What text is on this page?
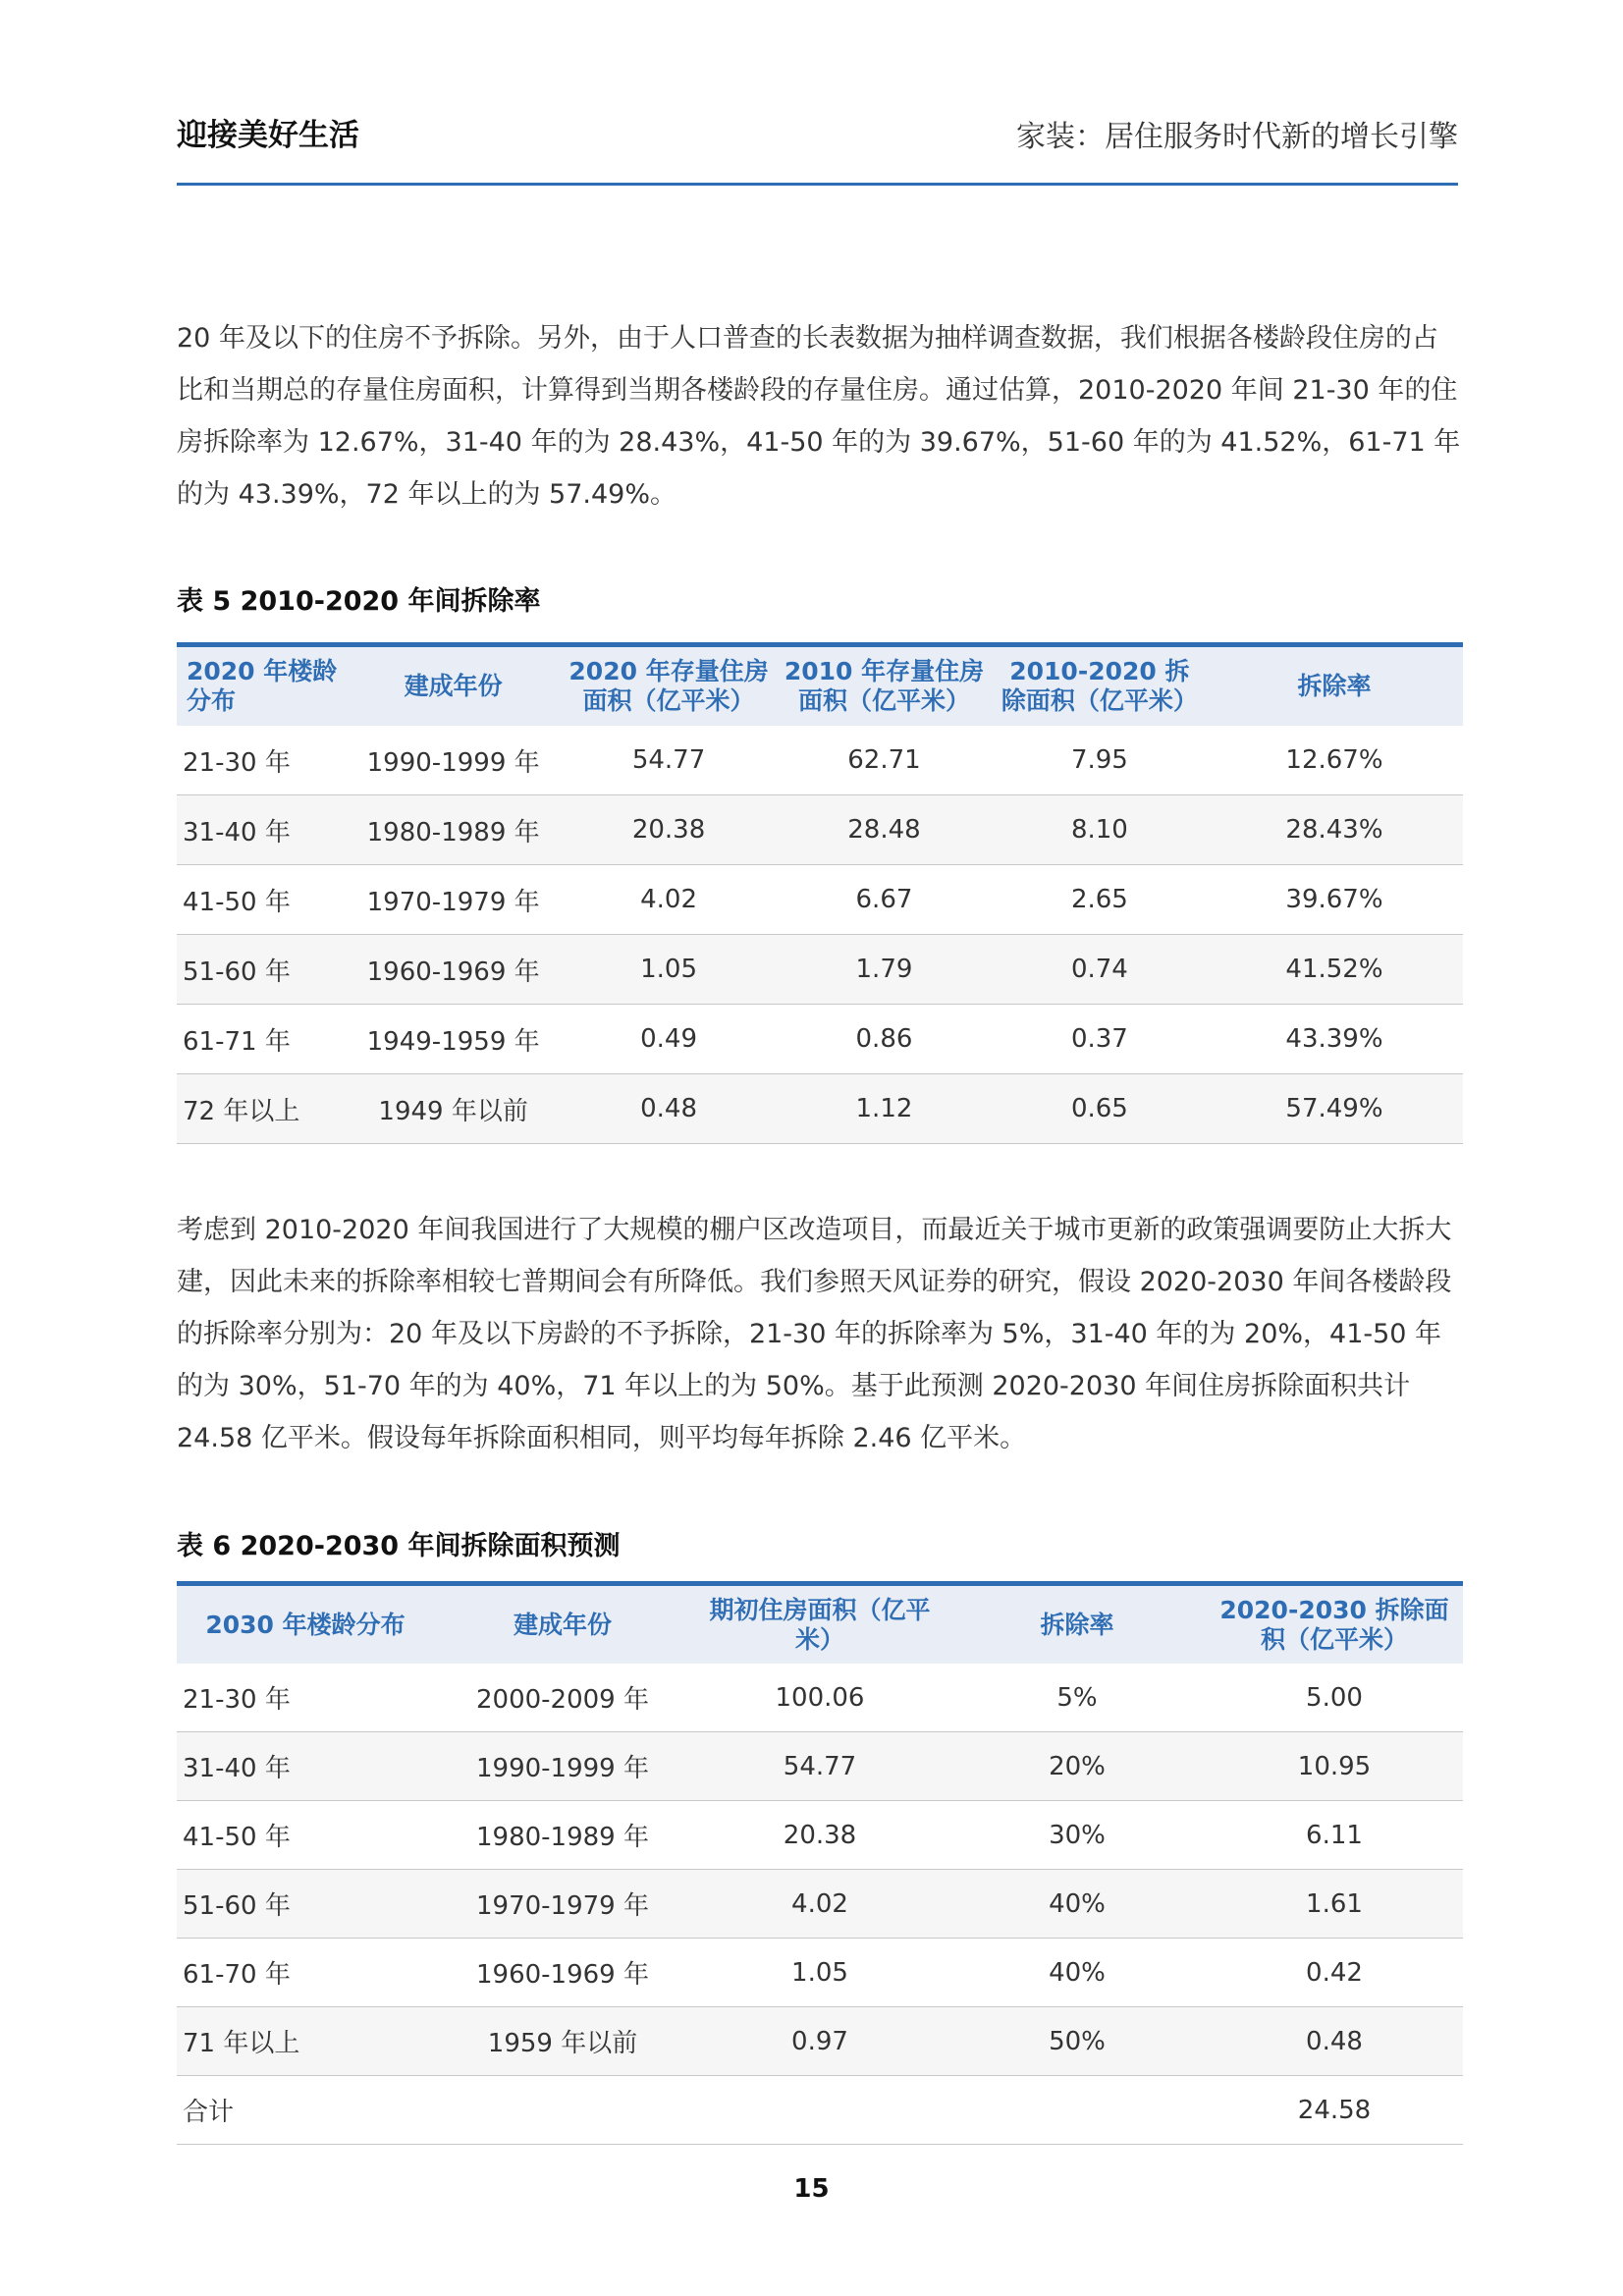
迎接美好生活	家装：居住服务时代新的增长引擎

20 年及以下的住房不予拆除。另外，由于人口普查的长表数据为抽样调查数据，我们根据各楼龄段住房的占比和当期总的存量住房面积，计算得到当期各楼龄段的存量住房。通过估算，2010-2020 年间 21-30 年的住房拆除率为 12.67%，31-40 年的为 28.43%，41-50 年的为 39.67%，51-60 年的为 41.52%，61-71 年的为 43.39%，72 年以上的为 57.49%。

表 5 2010-2020 年间拆除率
2020 年楼龄分布	建成年份	2020 年存量住房面积（亿平米）	2010 年存量住房面积（亿平米）	2010-2020 拆除面积（亿平米）	拆除率
21-30 年	1990-1999 年	54.77	62.71	7.95	12.67%
31-40 年	1980-1989 年	20.38	28.48	8.10	28.43%
41-50 年	1970-1979 年	4.02	6.67	2.65	39.67%
51-60 年	1960-1969 年	1.05	1.79	0.74	41.52%
61-71 年	1949-1959 年	0.49	0.86	0.37	43.39%
72 年以上	1949 年以前	0.48	1.12	0.65	57.49%

考虑到 2010-2020 年间我国进行了大规模的棚户区改造项目，而最近关于城市更新的政策强调要防止大拆大建，因此未来的拆除率相较七普期间会有所降低。我们参照天风证券的研究，假设 2020-2030 年间各楼龄段的拆除率分别为：20 年及以下房龄的不予拆除，21-30 年的拆除率为 5%，31-40 年的为 20%，41-50 年的为 30%，51-70 年的为 40%，71 年以上的为 50%。基于此预测 2020-2030 年间住房拆除面积共计 24.58 亿平米。假设每年拆除面积相同，则平均每年拆除 2.46 亿平米。

表 6 2020-2030 年间拆除面积预测
2030 年楼龄分布	建成年份	期初住房面积（亿平米）	拆除率	2020-2030 拆除面积（亿平米）
21-30 年	2000-2009 年	100.06	5%	5.00
31-40 年	1990-1999 年	54.77	20%	10.95
41-50 年	1980-1989 年	20.38	30%	6.11
51-60 年	1970-1979 年	4.02	40%	1.61
61-70 年	1960-1969 年	1.05	40%	0.42
71 年以上	1959 年以前	0.97	50%	0.48
合计				24.58
15
